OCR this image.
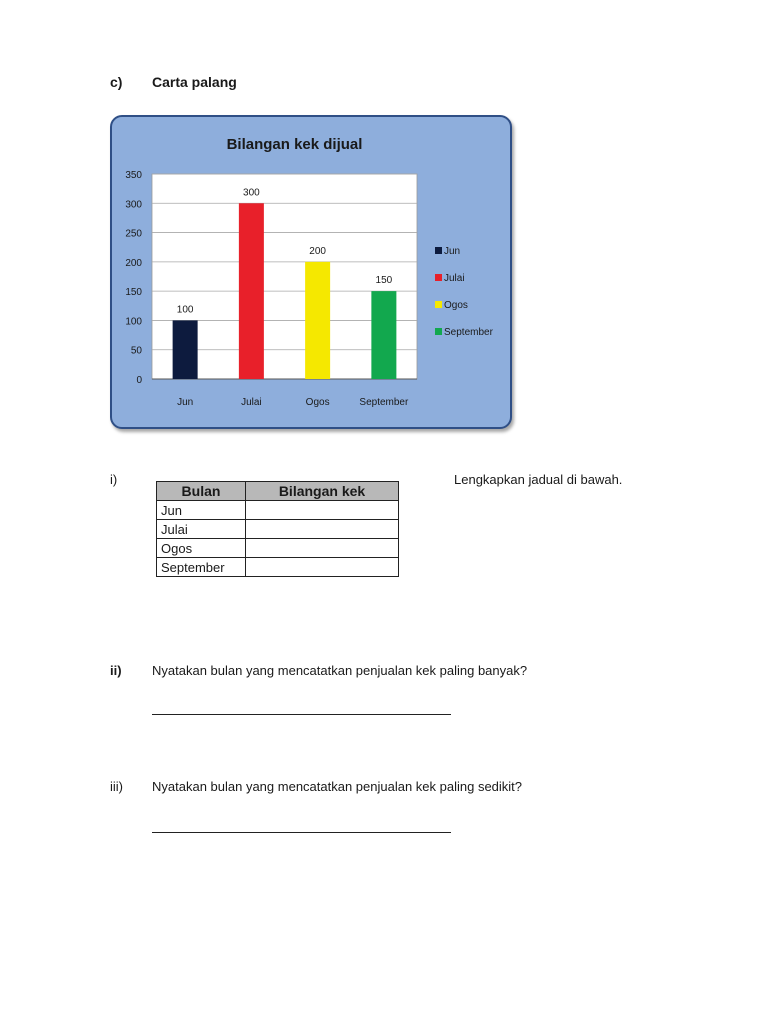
c) Carta palang
Bilangan kek dijual
0
50
100
150
200
250
300
350
100
Jun
300
Julai
200
Ogos
150
September
Jun
Julai
Ogos
September
i)	Lengkapkan jadual di bawah.
Bulan	Bilangan kek
Jun	
Julai	
Ogos	
September	
ii) Nyatakan bulan yang mencatatkan penjualan kek paling banyak?
iii) Nyatakan bulan yang mencatatkan penjualan kek paling sedikit?
